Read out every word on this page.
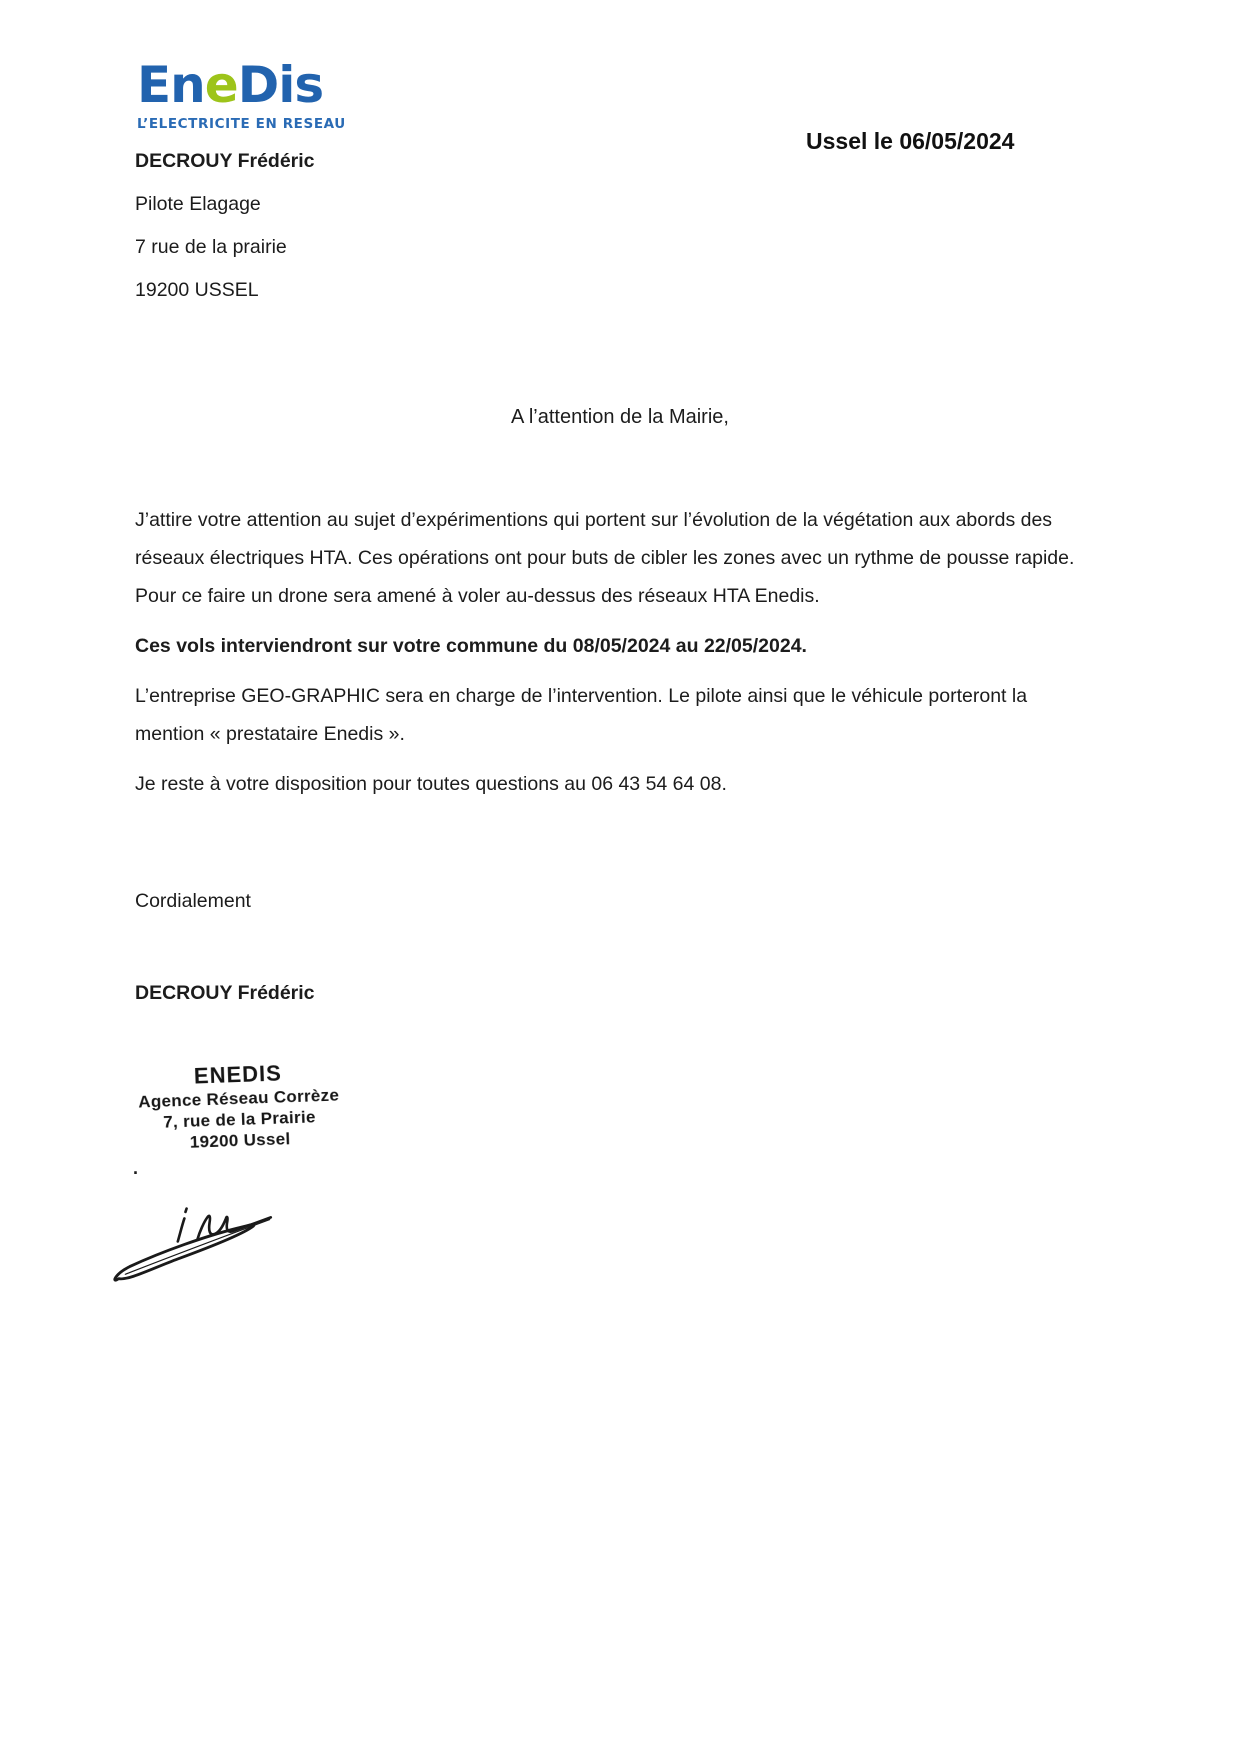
EneDis
L’ELECTRICITE EN RESEAU
Ussel le 06/05/2024
DECROUY Frédéric
Pilote Elagage
7 rue de la prairie
19200 USSEL
A l’attention de la Mairie,

J’attire votre attention au sujet d’expérimentions qui portent sur l’évolution de la végétation aux abords des réseaux électriques HTA. Ces opérations ont pour buts de cibler les zones avec un rythme de pousse rapide. Pour ce faire un drone sera amené à voler au-dessus des réseaux HTA Enedis.

Ces vols interviendront sur votre commune du 08/05/2024 au 22/05/2024.

L’entreprise GEO-GRAPHIC sera en charge de l’intervention. Le pilote ainsi que le véhicule porteront la mention « prestataire Enedis ».

Je reste à votre disposition pour toutes questions au 06 43 54 64 08.

Cordialement
DECROUY Frédéric
ENEDIS
Agence Réseau Corrèze
7, rue de la Prairie
19200 Ussel
.
